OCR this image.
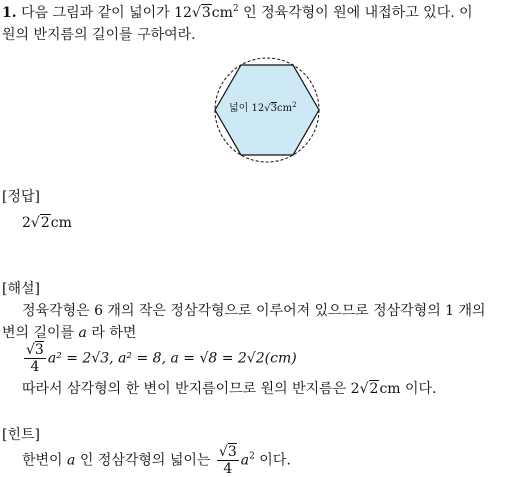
1. 다음 그림과 같이 넓이가 $12√3cm^2$ 인 정육각형이 원에 내접하고 있다. 이
원의 반지름의 길이를 구하여라.
넓이 $12√3cm^2$
[정답]
2√2cm
[해설]
정육각형은 6 개의 작은 정삼각형으로 이루어져 있으므로 정삼각형의 1 개의
변의 길이를 a 라 하면
$\frac{√3}{4} a^2 = 2√3$, a² = 8, a = √8 = 2√2(cm)
따라서 삼각형의 한 변이 반지름이므로 원의 반지름은 2√2cm 이다.
[힌트]
한변이 a 인 정삼각형의 넓이는 $\frac{√3}{4} a^2$ 이다.
